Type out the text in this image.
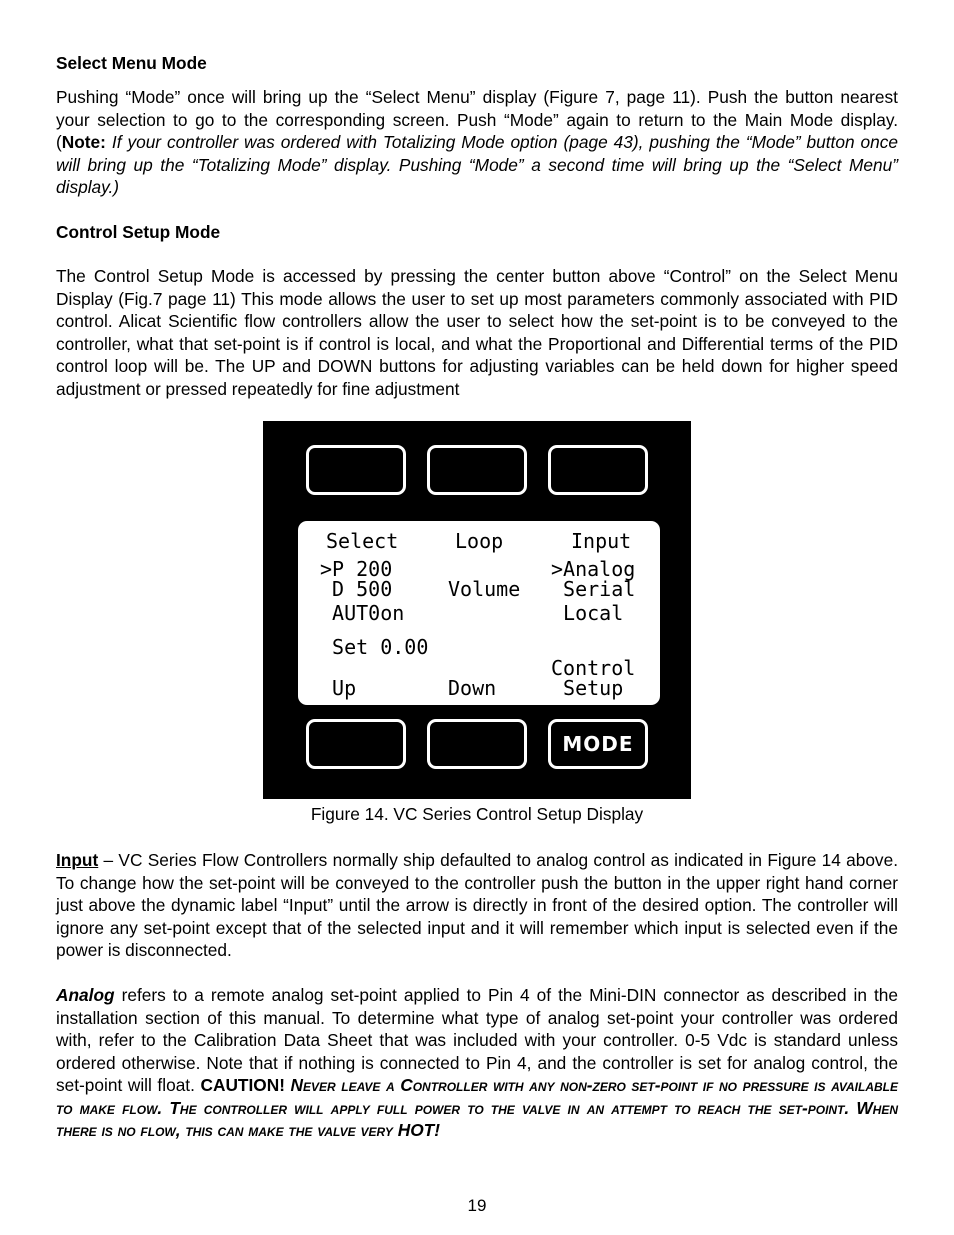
Select Menu Mode

Pushing “Mode” once will bring up the “Select Menu” display (Figure 7, page 11). Push the button nearest your selection to go to the corresponding screen. Push “Mode” again to return to the Main Mode display. (Note: If your controller was ordered with Totalizing Mode option (page 43), pushing the “Mode” button once will bring up the “Totalizing Mode” display. Pushing “Mode” a second time will bring up the “Select Menu” display.)

Control Setup Mode

The Control Setup Mode is accessed by pressing the center button above “Control” on the Select Menu Display (Fig.7 page 11) This mode allows the user to set up most parameters commonly associated with PID control. Alicat Scientific flow controllers allow the user to select how the set-point is to be conveyed to the controller, what that set-point is if control is local, and what the Proportional and Differential terms of the PID control loop will be. The UP and DOWN buttons for adjusting variables can be held down for higher speed adjustment or pressed repeatedly for fine adjustment

Input – VC Series Flow Controllers normally ship defaulted to analog control as indicated in Figure 14 above. To change how the set-point will be conveyed to the controller push the button in the upper right hand corner just above the dynamic label “Input” until the arrow is directly in front of the desired option. The controller will ignore any set-point except that of the selected input and it will remember which input is selected even if the power is disconnected.

Analog refers to a remote analog set-point applied to Pin 4 of the Mini-DIN connector as described in the installation section of this manual. To determine what type of analog set-point your controller was ordered with, refer to the Calibration Data Sheet that was included with your controller. 0-5 Vdc is standard unless ordered otherwise. Note that if nothing is connected to Pin 4, and the controller is set for analog control, the set-point will float. CAUTION! Never leave a Controller with any non-zero set-point if no pressure is available to make flow. The controller will apply full power to the valve in an attempt to reach the set-point. When there is no flow, this can make the valve very HOT!

Select	Loop	Input
>P 200
D 500
AUT0on
Set 0.00
Up
Volume
Down
>Analog
Serial
Local
Control
Setup
MODE
Figure 14. VC Series Control Setup Display
19
